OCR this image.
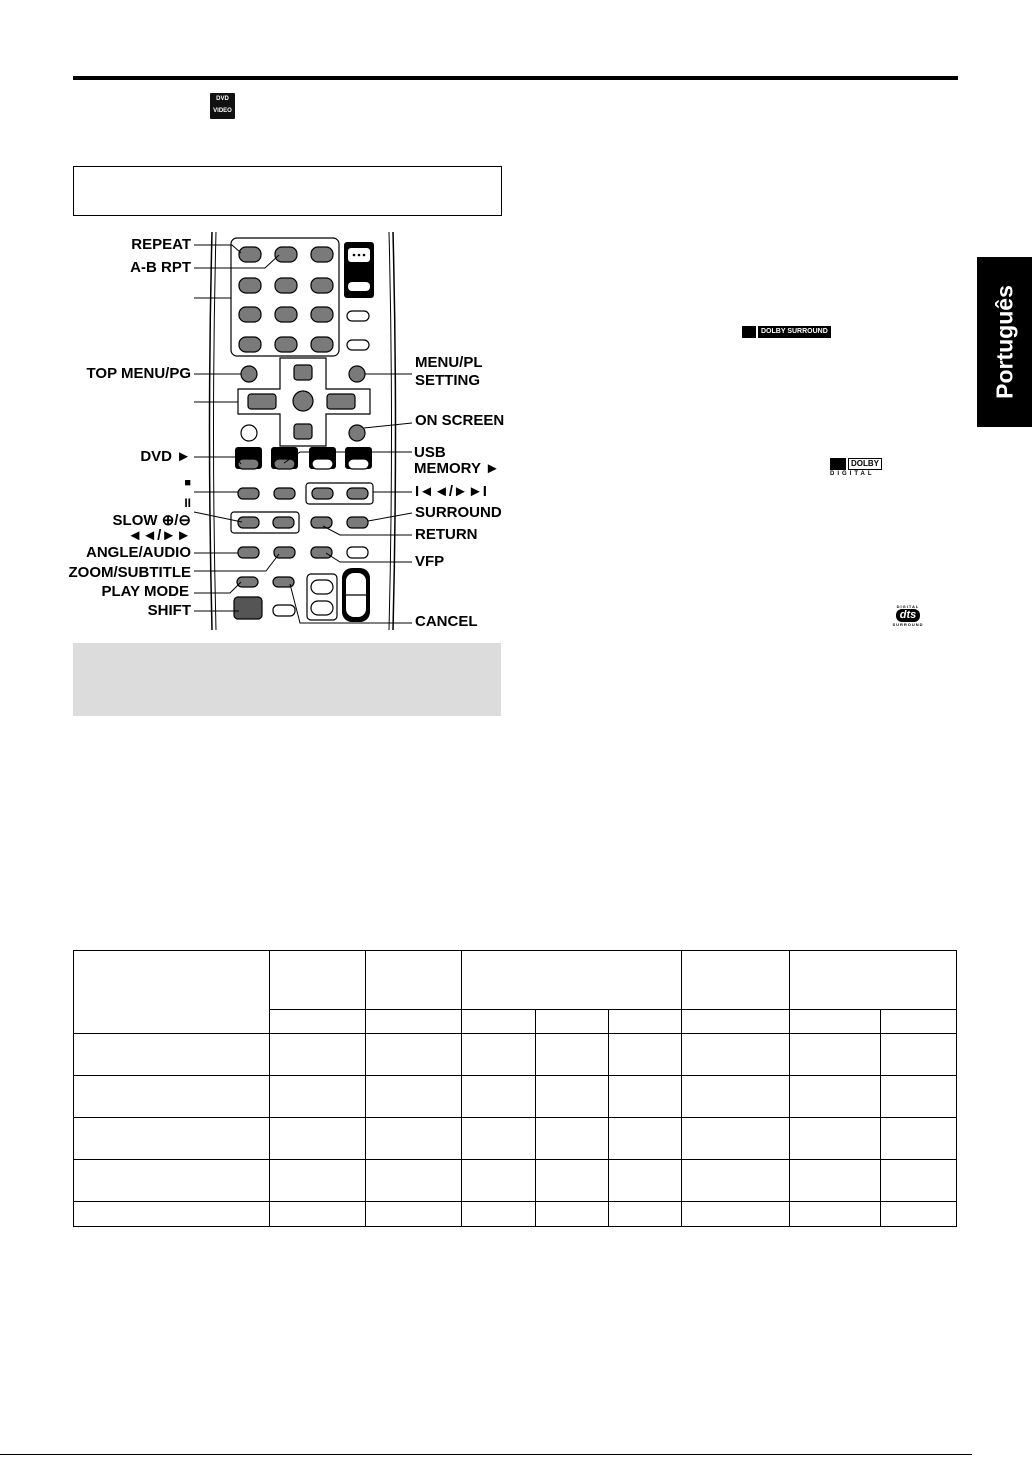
DVD
VIDEO
Português
REPEAT
A-B RPT
TOP MENU/PG
DVD ►
■
II
SLOW ⊕/⊖
◄◄/►►
ANGLE/AUDIO
ZOOM/SUBTITLE
PLAY MODE
SHIFT
MENU/PL
SETTING
ON SCREEN
USB
MEMORY ►
I◄◄/►►I
SURROUND
RETURN
VFP
CANCEL
DOLBY SURROUND
DOLBY
DIGITAL
DIGITAL
dts
SURROUND
